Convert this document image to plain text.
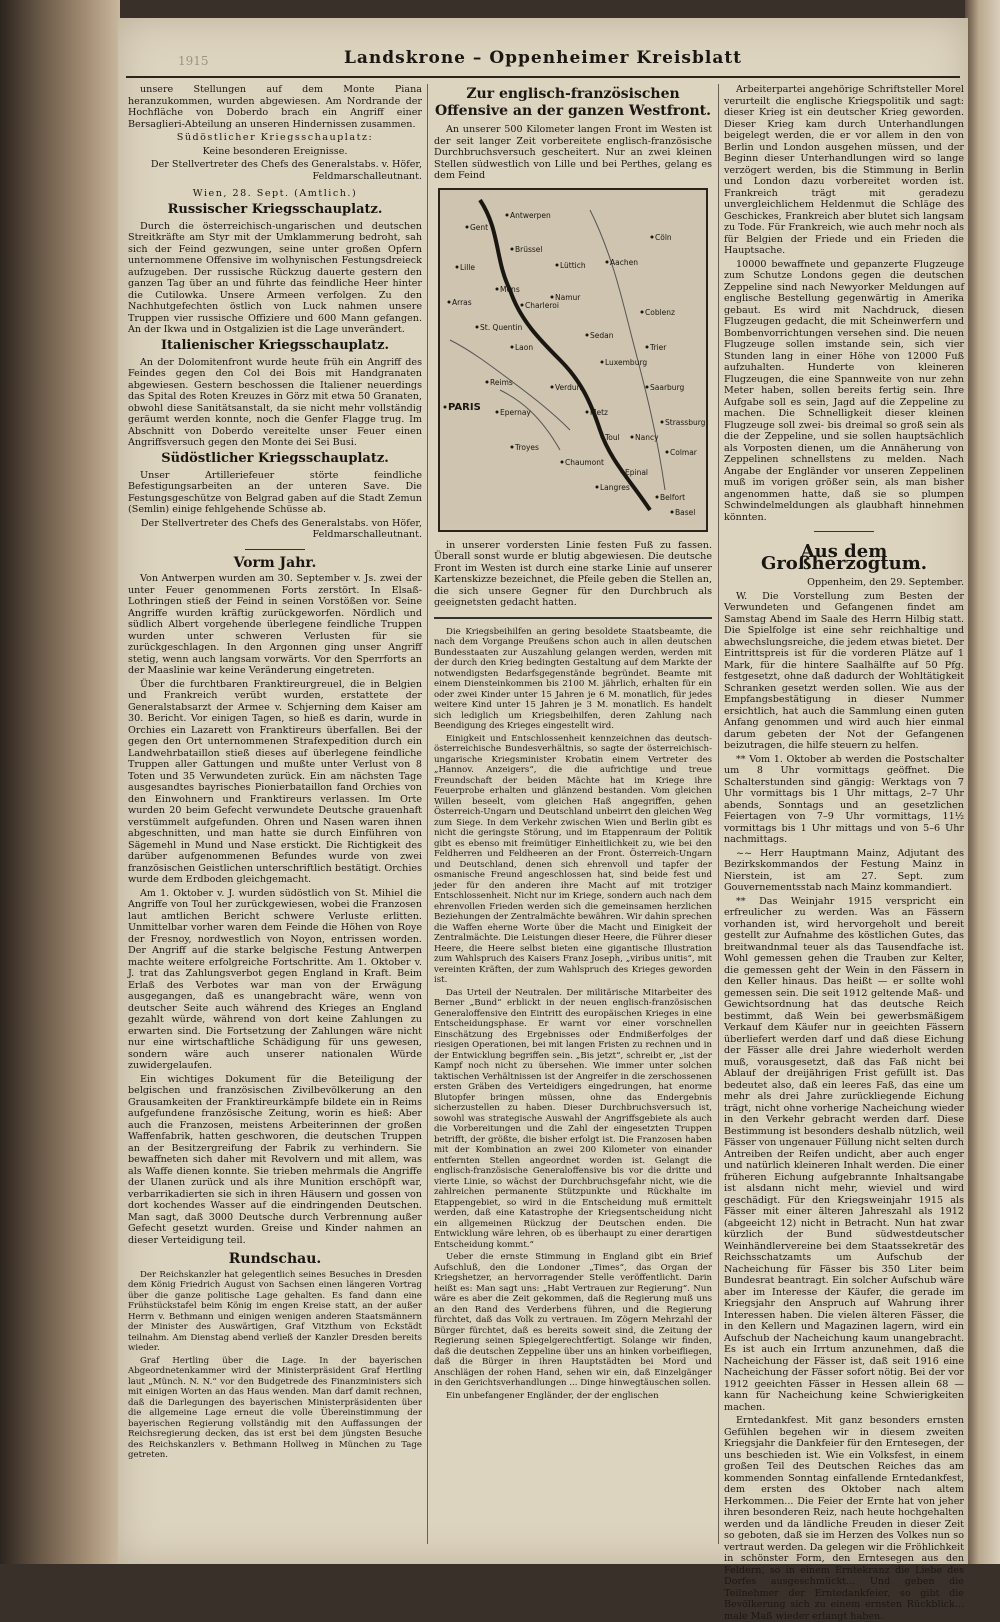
1915	Landskrone – Oppenheimer Kreisblatt

unsere Stellungen auf dem Monte Piana heranzukommen, wurden abgewiesen. Am Nordrande der Hochfläche von Doberdo brach ein Angriff einer Bersaglieri-Abteilung an unseren Hindernissen zusammen.

Südöstlicher Kriegsschauplatz:

Keine besonderen Ereignisse.

Der Stellvertreter des Chefs des Generalstabs. v. Höfer, Feldmarschalleutnant.

Wien, 28. Sept. (Amtlich.)

Russischer Kriegsschauplatz.

Durch die österreichisch-ungarischen und deutschen Streitkräfte am Styr mit der Umklammerung bedroht, sah sich der Feind gezwungen, seine unter großen Opfern unternommene Offensive im wolhynischen Festungsdreieck aufzugeben. Der russische Rückzug dauerte gestern den ganzen Tag über an und führte das feindliche Heer hinter die Cutilowka. Unsere Armeen verfolgen. Zu den Nachhutgefechten östlich von Luck nahmen unsere Truppen vier russische Offiziere und 600 Mann gefangen. An der Ikwa und in Ostgalizien ist die Lage unverändert.

Italienischer Kriegsschauplatz.

An der Dolomitenfront wurde heute früh ein Angriff des Feindes gegen den Col dei Bois mit Handgranaten abgewiesen. Gestern beschossen die Italiener neuerdings das Spital des Roten Kreuzes in Görz mit etwa 50 Granaten, obwohl diese Sanitätsanstalt, da sie nicht mehr vollständig geräumt werden konnte, noch die Genfer Flagge trug. Im Abschnitt von Doberdo vereitelte unser Feuer einen Angriffsversuch gegen den Monte dei Sei Busi.

Südöstlicher Kriegsschauplatz.

Unser Artilleriefeuer störte feindliche Befestigungsarbeiten an der unteren Save. Die Festungsgeschütze von Belgrad gaben auf die Stadt Zemun (Semlin) einige fehlgehende Schüsse ab.

Der Stellvertreter des Chefs des Generalstabs. von Höfer, Feldmarschalleutnant.

Vorm Jahr.

Von Antwerpen wurden am 30. September v. Js. zwei der unter Feuer genommenen Forts zerstört. In Elsaß-Lothringen stieß der Feind in seinen Vorstößen vor. Seine Angriffe wurden kräftig zurückgeworfen. Nördlich und südlich Albert vorgehende überlegene feindliche Truppen wurden unter schweren Verlusten für sie zurückgeschlagen. In den Argonnen ging unser Angriff stetig, wenn auch langsam vorwärts. Vor den Sperrforts an der Maaslinie war keine Veränderung eingetreten.

Über die furchtbaren Franktireurgreuel, die in Belgien und Frankreich verübt wurden, erstattete der Generalstabsarzt der Armee v. Schjerning dem Kaiser am 30. Bericht. Vor einigen Tagen, so hieß es darin, wurde in Orchies ein Lazarett von Franktireurs überfallen. Bei der gegen den Ort unternommenen Strafexpedition durch ein Landwehrbataillon stieß dieses auf überlegene feindliche Truppen aller Gattungen und mußte unter Verlust von 8 Toten und 35 Verwundeten zurück. Ein am nächsten Tage ausgesandtes bayrisches Pionierbataillon fand Orchies von den Einwohnern und Franktireurs verlassen. Im Orte wurden 20 beim Gefecht verwundete Deutsche grauenhaft verstümmelt aufgefunden. Ohren und Nasen waren ihnen abgeschnitten, und man hatte sie durch Einführen von Sägemehl in Mund und Nase erstickt. Die Richtigkeit des darüber aufgenommenen Befundes wurde von zwei französischen Geistlichen unterschriftlich bestätigt. Orchies wurde dem Erdboden gleichgemacht.

Am 1. Oktober v. J. wurden südöstlich von St. Mihiel die Angriffe von Toul her zurückgewiesen, wobei die Franzosen laut amtlichen Bericht schwere Verluste erlitten. Unmittelbar vorher waren dem Feinde die Höhen von Roye der Fresnoy, nordwestlich von Noyon, entrissen worden. Der Angriff auf die starke belgische Festung Antwerpen machte weitere erfolgreiche Fortschritte. Am 1. Oktober v. J. trat das Zahlungsverbot gegen England in Kraft. Beim Erlaß des Verbotes war man von der Erwägung ausgegangen, daß es unangebracht wäre, wenn von deutscher Seite auch während des Krieges an England gezahlt würde, während von dort keine Zahlungen zu erwarten sind. Die Fortsetzung der Zahlungen wäre nicht nur eine wirtschaftliche Schädigung für uns gewesen, sondern wäre auch unserer nationalen Würde zuwidergelaufen.

Ein wichtiges Dokument für die Beteiligung der belgischen und französischen Zivilbevölkerung an den Grausamkeiten der Franktireurkämpfe bildete ein in Reims aufgefundene französische Zeitung, worin es hieß: Aber auch die Franzosen, meistens Arbeiterinnen der großen Waffenfabrik, hatten geschworen, die deutschen Truppen an der Besitzergreifung der Fabrik zu verhindern. Sie bewaffneten sich daher mit Revolvern und mit allem, was als Waffe dienen konnte. Sie trieben mehrmals die Angriffe der Ulanen zurück und als ihre Munition erschöpft war, verbarrikadierten sie sich in ihren Häusern und gossen von dort kochendes Wasser auf die eindringenden Deutschen. Man sagt, daß 3000 Deutsche durch Verbrennung außer Gefecht gesetzt wurden. Greise und Kinder nahmen an dieser Verteidigung teil.

Rundschau.

Der Reichskanzler hat gelegentlich seines Besuches in Dresden dem König Friedrich August von Sachsen einen längeren Vortrag über die ganze politische Lage gehalten. Es fand dann eine Frühstückstafel beim König im engen Kreise statt, an der außer Herrn v. Bethmann und einigen wenigen anderen Staatsmännern der Minister des Auswärtigen, Graf Vitzthum von Eckstädt teilnahm. Am Dienstag abend verließ der Kanzler Dresden bereits wieder.

Graf Hertling über die Lage. In der bayerischen Abgeordnetenkammer wird der Ministerpräsident Graf Hertling laut „Münch. N. N.“ vor den Budgetrede des Finanzministers sich mit einigen Worten an das Haus wenden. Man darf damit rechnen, daß die Darlegungen des bayerischen Ministerpräsidenten über die allgemeine Lage erneut die volle Übereinstimmung der bayerischen Regierung vollständig mit den Auffassungen der Reichsregierung decken, das ist erst bei dem jüngsten Besuche des Reichskanzlers v. Bethmann Hollweg in München zu Tage getreten.

Zur englisch-französischen Offensive an der ganzen Westfront.

An unserer 500 Kilometer langen Front im Westen ist der seit langer Zeit vorbereitete englisch-französische Durchbruchsversuch gescheitert. Nur an zwei kleinen Stellen südwestlich von Lille und bei Perthes, gelang es dem Feind

Antwerpen
Gent
Brüssel
Lille	Lüttich	Aachen
Cöln
Namur
Arras
Mons
Charleroi
Coblenz
St. Quentin
Sedan
Laon	Trier
Reims
Luxemburg
Verdun
Metz
Saarburg
PARIS
Toul Nancy
Epernay
Strassburg
Chaumont
Epinal
Colmar
Langres
Belfort
Basel
Troyes

in unserer vordersten Linie festen Fuß zu fassen. Überall sonst wurde er blutig abgewiesen. Die deutsche Front im Westen ist durch eine starke Linie auf unserer Kartenskizze bezeichnet, die Pfeile geben die Stellen an, die sich unsere Gegner für den Durchbruch als geeignetsten gedacht hatten.

Die Kriegsbeihilfen an gering besoldete Staatsbeamte, die nach dem Vorgange Preußens schon auch in allen deutschen Bundesstaaten zur Auszahlung gelangen werden, werden mit der durch den Krieg bedingten Gestaltung auf dem Markte der notwendigsten Bedarfsgegenstände begründet. Beamte mit einem Diensteinkommen bis 2100 M. jährlich, erhalten für ein oder zwei Kinder unter 15 Jahren je 6 M. monatlich, für jedes weitere Kind unter 15 Jahren je 3 M. monatlich. Es handelt sich lediglich um Kriegsbeihilfen, deren Zahlung nach Beendigung des Krieges eingestellt wird.

Einigkeit und Entschlossenheit kennzeichnen das deutsch-österreichische Bundesverhältnis, so sagte der österreichisch-ungarische Kriegsminister Krobatin einem Vertreter des „Hannov. Anzeigers“, die die aufrichtige und treue Freundschaft der beiden Mächte hat im Kriege ihre Feuerprobe erhalten und glänzend bestanden. Vom gleichen Willen beseelt, vom gleichen Haß angegriffen, gehen Österreich-Ungarn und Deutschland unbeirrt den gleichen Weg zum Siege. In dem Verkehr zwischen Wien und Berlin gibt es nicht die geringste Störung, und im Etappenraum der Politik gibt es ebenso mit freimütiger Einheitlichkeit zu, wie bei den Feldherren und Feldheeren an der Front. Österreich-Ungarn und Deutschland, denen sich ehrenvoll und tapfer der osmanische Freund angeschlossen hat, sind beide fest und jeder für den anderen ihre Macht auf mit trotziger Entschlossenheit. Nicht nur im Kriege, sondern auch nach dem ehrenvollen Frieden werden sich die gemeinsamen herzlichen Beziehungen der Zentralmächte bewähren. Wir dahin sprechen die Waffen eherne Worte über die Macht und Einigkeit der Zentralmächte. Die Leistungen dieser Heere, die Führer dieser Heere, die Heere selbst bieten eine gigantische Illustration zum Wahlspruch des Kaisers Franz Joseph, „viribus unitis“, mit vereinten Kräften, der zum Wahlspruch des Krieges geworden ist.

Das Urteil der Neutralen. Der militärische Mitarbeiter des Berner „Bund“ erblickt in der neuen englisch-französischen Generaloffensive den Eintritt des europäischen Krieges in eine Entscheidungsphase. Er warnt vor einer vorschnellen Einschätzung des Ergebnisses oder Endmißerfolges der riesigen Operationen, bei mit langen Fristen zu rechnen und in der Entwicklung begriffen sein. „Bis jetzt“, schreibt er, „ist der Kampf noch nicht zu übersehen. Wie immer unter solchen taktischen Verhältnissen ist der Angreifer in die zerschossenen ersten Gräben des Verteidigers eingedrungen, hat enorme Blutopfer bringen müssen, ohne das Endergebnis sicherzustellen zu haben. Dieser Durchbruchsversuch ist, sowohl was strategische Auswahl der Angriffsgebiete als auch die Vorbereitungen und die Zahl der eingesetzten Truppen betrifft, der größte, die bisher erfolgt ist. Die Franzosen haben mit der Kombination an zwei 200 Kilometer von einander entfernten Stellen angeordnet worden ist. Gelangt die englisch-französische Generaloffensive bis vor die dritte und vierte Linie, so wächst der Durchbruchsgefahr nicht, wie die zahlreichen permanente Stützpunkte und Rückhalte im Etappengebiet, so wird in die Entscheidung muß ermittelt werden, daß eine Katastrophe der Kriegsentscheidung nicht ein allgemeinen Rückzug der Deutschen enden. Die Entwicklung wäre lehren, ob es überhaupt zu einer derartigen Entscheidung kommt.“

Ueber die ernste Stimmung in England gibt ein Brief Aufschluß, den die Londoner „Times“, das Organ der Kriegshetzer, an hervorragender Stelle veröffentlicht. Darin heißt es: Man sagt uns: „Habt Vertrauen zur Regierung“. Nun wäre es aber die Zeit gekommen, daß die Regierung muß uns an den Rand des Verderbens führen, und die Regierung fürchtet, daß das Volk zu vertrauen. Im Zögern Mehrzahl der Bürger fürchtet, daß es bereits soweit sind, die Zeitung der Regierung seinen Spiegelgerechtfertigt. Solange wir finden, daß die deutschen Zeppeline über uns an hinken vorbeifliegen, daß die Bürger in ihren Hauptstädten bei Mord und Anschlägen der rohen Hand, sehen wir ein, daß Einzelgänger in den Gerichtsverhandlungen ... Dinge hinwegtäuschen sollen.

Ein unbefangener Engländer, der der englischen

Arbeiterpartei angehörige Schriftsteller Morel verurteilt die englische Kriegspolitik und sagt: dieser Krieg ist ein deutscher Krieg geworden. Dieser Krieg kam durch Unterhandlungen beigelegt werden, die er vor allem in den von Berlin und London ausgehen müssen, und der Beginn dieser Unterhandlungen wird so lange verzögert werden, bis die Stimmung in Berlin und London dazu vorbereitet worden ist. Frankreich trägt mit geradezu unvergleichlichem Heldenmut die Schläge des Geschickes, Frankreich aber blutet sich langsam zu Tode. Für Frankreich, wie auch mehr noch als für Belgien der Friede und ein Frieden die Hauptsache.

10000 bewaffnete und gepanzerte Flugzeuge zum Schutze Londons gegen die deutschen Zeppeline sind nach Newyorker Meldungen auf englische Bestellung gegenwärtig in Amerika gebaut. Es wird mit Nachdruck, diesen Flugzeugen gedacht, die mit Scheinwerfern und Bombenvorrichtungen versehen sind. Die neuen Flugzeuge sollen imstande sein, sich vier Stunden lang in einer Höhe von 12000 Fuß aufzuhalten. Hunderte von kleineren Flugzeugen, die eine Spannweite von nur zehn Meter haben, sollen bereits fertig sein. Ihre Aufgabe soll es sein, Jagd auf die Zeppeline zu machen. Die Schnelligkeit dieser kleinen Flugzeuge soll zwei- bis dreimal so groß sein als die der Zeppeline, und sie sollen hauptsächlich als Vorposten dienen, um die Annäherung von Zeppelinen schnellstens zu melden. Nach Angabe der Engländer vor unseren Zeppelinen muß im vorigen größer sein, als man bisher angenommen hatte, daß sie so plumpen Schwindelmeldungen als glaubhaft hinnehmen könnten.

Aus dem Großherzogtum.

Oppenheim, den 29. September.

W. Die Vorstellung zum Besten der Verwundeten und Gefangenen findet am Samstag Abend im Saale des Herrn Hilbig statt. Die Spielfolge ist eine sehr reichhaltige und abwechslungsreiche, die jedem etwas bietet. Der Eintrittspreis ist für die vorderen Plätze auf 1 Mark, für die hintere Saalhälfte auf 50 Pfg. festgesetzt, ohne daß dadurch der Wohltätigkeit Schranken gesetzt werden sollen. Wie aus der Empfangsbestätigung in dieser Nummer ersichtlich, hat auch die Sammlung einen guten Anfang genommen und wird auch hier einmal darum gebeten der Not der Gefangenen beizutragen, die hilfe steuern zu helfen.

** Vom 1. Oktober ab werden die Postschalter um 8 Uhr vormittags geöffnet. Die Schalterstunden sind gängig: Werktags von 7 Uhr vormittags bis 1 Uhr mittags, 2–7 Uhr abends, Sonntags und an gesetzlichen Feiertagen von 7–9 Uhr vormittags, 11½ vormittags bis 1 Uhr mittags und von 5–6 Uhr nachmittags.

~~ Herr Hauptmann Mainz, Adjutant des Bezirkskommandos der Festung Mainz in Nierstein, ist am 27. Sept. zum Gouvernementsstab nach Mainz kommandiert.

** Das Weinjahr 1915 verspricht ein erfreulicher zu werden. Was an Fässern vorhanden ist, wird hervorgeholt und bereit gestellt zur Aufnahme des köstlichen Gutes, das breitwandnmal teuer als das Tausendfache ist. Wohl gemessen gehen die Trauben zur Kelter, die gemessen geht der Wein in den Fässern in den Keller hinaus. Das heißt — er sollte wohl gemessen sein. Die seit 1912 geltende Maß- und Gewichtsordnung hat das deutsche Reich bestimmt, daß Wein bei gewerbsmäßigem Verkauf dem Käufer nur in geeichten Fässern überliefert werden darf und daß diese Eichung der Fässer alle drei Jahre wiederholt werden muß, vorausgesetzt, daß das Faß nicht bei Ablauf der dreijährigen Frist gefüllt ist. Das bedeutet also, daß ein leeres Faß, das eine um mehr als drei Jahre zurückliegende Eichung trägt, nicht ohne vorherige Nacheichung wieder in den Verkehr gebracht werden darf. Diese Bestimmung ist besonders deshalb nützlich, weil Fässer von ungenauer Füllung nicht selten durch Antreiben der Reifen undicht, aber auch enger und natürlich kleineren Inhalt werden. Die einer früheren Eichung aufgebrannte Inhaltsangabe ist alsdann nicht mehr, wieviel und wird geschädigt. Für den Kriegsweinjahr 1915 als Fässer mit einer älteren Jahreszahl als 1912 (abgeeicht 12) nicht in Betracht. Nun hat zwar kürzlich der Bund südwestdeutscher Weinhändlervereine bei dem Staatssekretär des Reichsschatzamts um Aufschub der Nacheichung für Fässer bis 350 Liter beim Bundesrat beantragt. Ein solcher Aufschub wäre aber im Interesse der Käufer, die gerade im Kriegsjahr den Anspruch auf Wahrung ihrer Interessen haben. Die vielen älteren Fässer, die in den Kellern und Magazinen lagern, wird ein Aufschub der Nacheichung kaum unangebracht. Es ist auch ein Irrtum anzunehmen, daß die Nacheichung der Fässer ist, daß seit 1916 eine Nacheichung der Fässer sofort nötig. Bei der vor 1912 geeichten Fässer in Hessen allein 68 — kann für Nacheichung keine Schwierigkeiten machen.

Erntedankfest. Mit ganz besonders ernsten Gefühlen begehen wir in diesem zweiten Kriegsjahr die Dankfeier für den Erntesegen, der uns beschieden ist. Wie ein Volksfest, in einem großen Teil des Deutschen Reiches das am kommenden Sonntag einfallende Erntedankfest, dem ersten des Oktober nach altem Herkommen... Die Feier der Ernte hat von jeher ihren besonderen Reiz, nach heute hochgehalten werden und da ländliche Freuden in dieser Zeit so geboten, daß sie im Herzen des Volkes nun so vertraut werden. Da gelegen wir die Fröhlichkeit in schönster Form, den Erntesegen aus den Feldern, so in einem Erntekranz die Liebe des Dorfes ausgeschmückt... Und geben die Teilnehmer der Erntedankfeier, so gibt die Bevölkerung sich zu einem ernsten Rückblick... male Maß wieder erlangt haben.
